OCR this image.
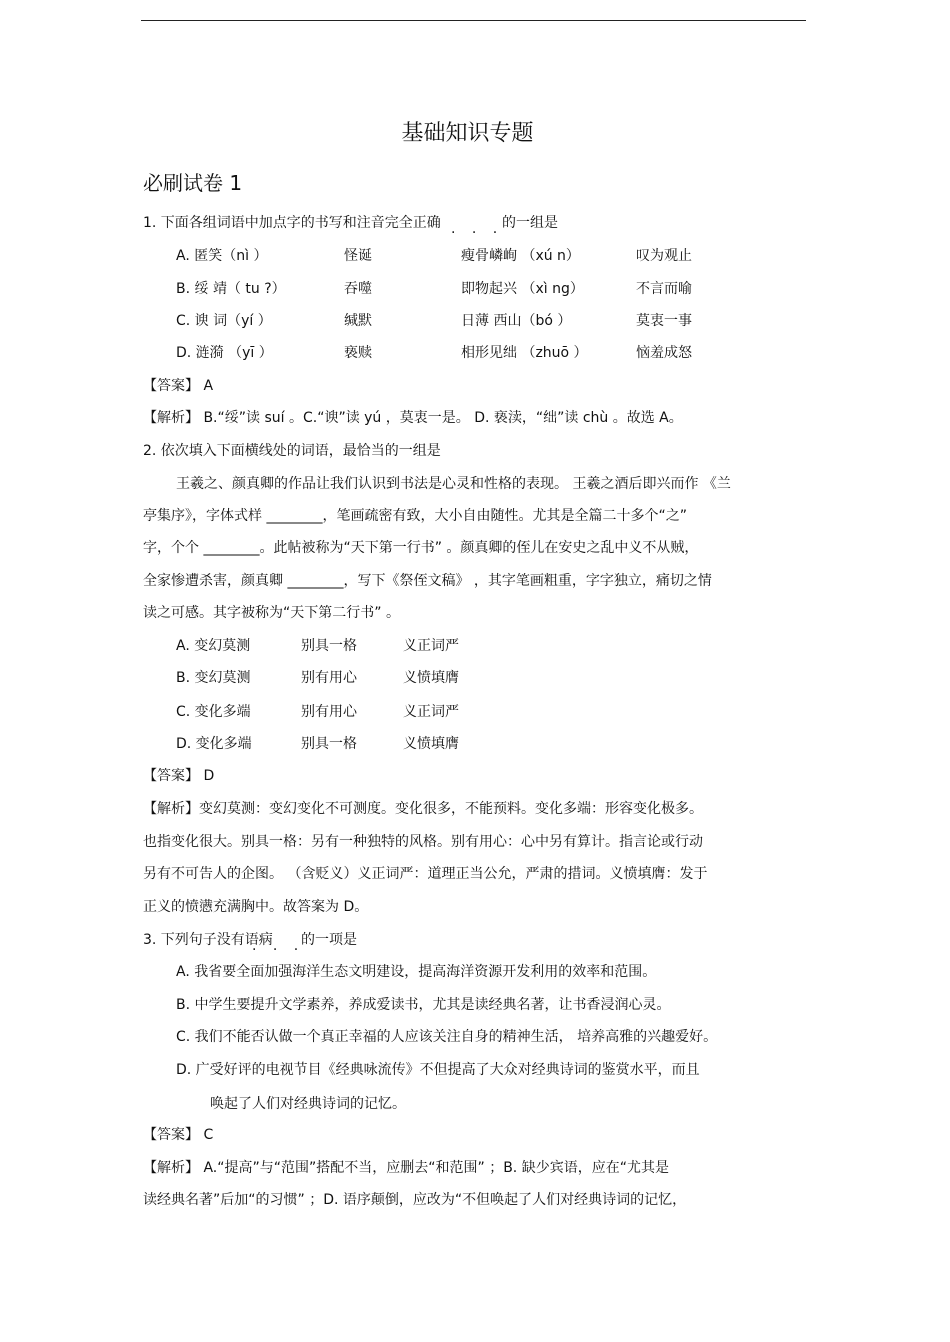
基础知识专题
必刷试卷 1
1. 下面各组词语中加点字的书写和注音完全正确	的一组是
· · ·
A. 匿笑（nì ）	怪诞	瘦骨嶙峋 （xú n）	叹为观止
B. 绥 靖（ tu ?）	吞噬	即物起兴 （xì ng）	不言而喻
C. 谀 词（yí ）	缄默	日薄 西山（bó ）	莫衷一事
D. 涟漪 （yī ）	亵赎	相形见绌 （zhuō ）	恼羞成怒
【答案】 A
【解析】 B.“绥”读 suí 。C.“谀”读 yú ，莫衷一是。 D. 亵渎，“绌”读 chù 。故选 A。
2. 依次填入下面横线处的词语，最恰当的一组是
王羲之、颜真卿的作品让我们认识到书法是心灵和性格的表现。 王羲之酒后即兴而作 《兰
亭集序》，字体式样 ________，笔画疏密有致，大小自由随性。尤其是全篇二十多个“之”
字，个个 ________。此帖被称为“天下第一行书” 。颜真卿的侄儿在安史之乱中义不从贼，
全家惨遭杀害，颜真卿 ________，写下《祭侄文稿》 ，其字笔画粗重，字字独立，痛切之情
读之可感。其字被称为“天下第二行书” 。
A. 变幻莫测	别具一格	义正词严
B. 变幻莫测	别有用心	义愤填膺
C. 变化多端	别有用心	义正词严
D. 变化多端	别具一格	义愤填膺
【答案】 D
【解析】变幻莫测：变幻变化不可测度。变化很多，不能预料。变化多端：形容变化极多。
也指变化很大。别具一格：另有一种独特的风格。别有用心：心中另有算计。指言论或行动
另有不可告人的企图。 （含贬义）义正词严：道理正当公允，严肃的措词。义愤填膺：发于
正义的愤懑充满胸中。故答案为 D。
3. 下列句子没有语病 的一项是
· · ·
A. 我省要全面加强海洋生态文明建设，提高海洋资源开发利用的效率和范围。
B. 中学生要提升文学素养，养成爱读书，尤其是读经典名著，让书香浸润心灵。
C. 我们不能否认做一个真正幸福的人应该关注自身的精神生活， 培养高雅的兴趣爱好。
D. 广受好评的电视节目《经典咏流传》不但提高了大众对经典诗词的鉴赏水平，而且
唤起了人们对经典诗词的记忆。
【答案】 C
【解析】 A.“提高”与“范围”搭配不当，应删去“和范围” ；B. 缺少宾语，应在“尤其是
读经典名著”后加“的习惯” ；D. 语序颠倒，应改为“不但唤起了人们对经典诗词的记忆，
